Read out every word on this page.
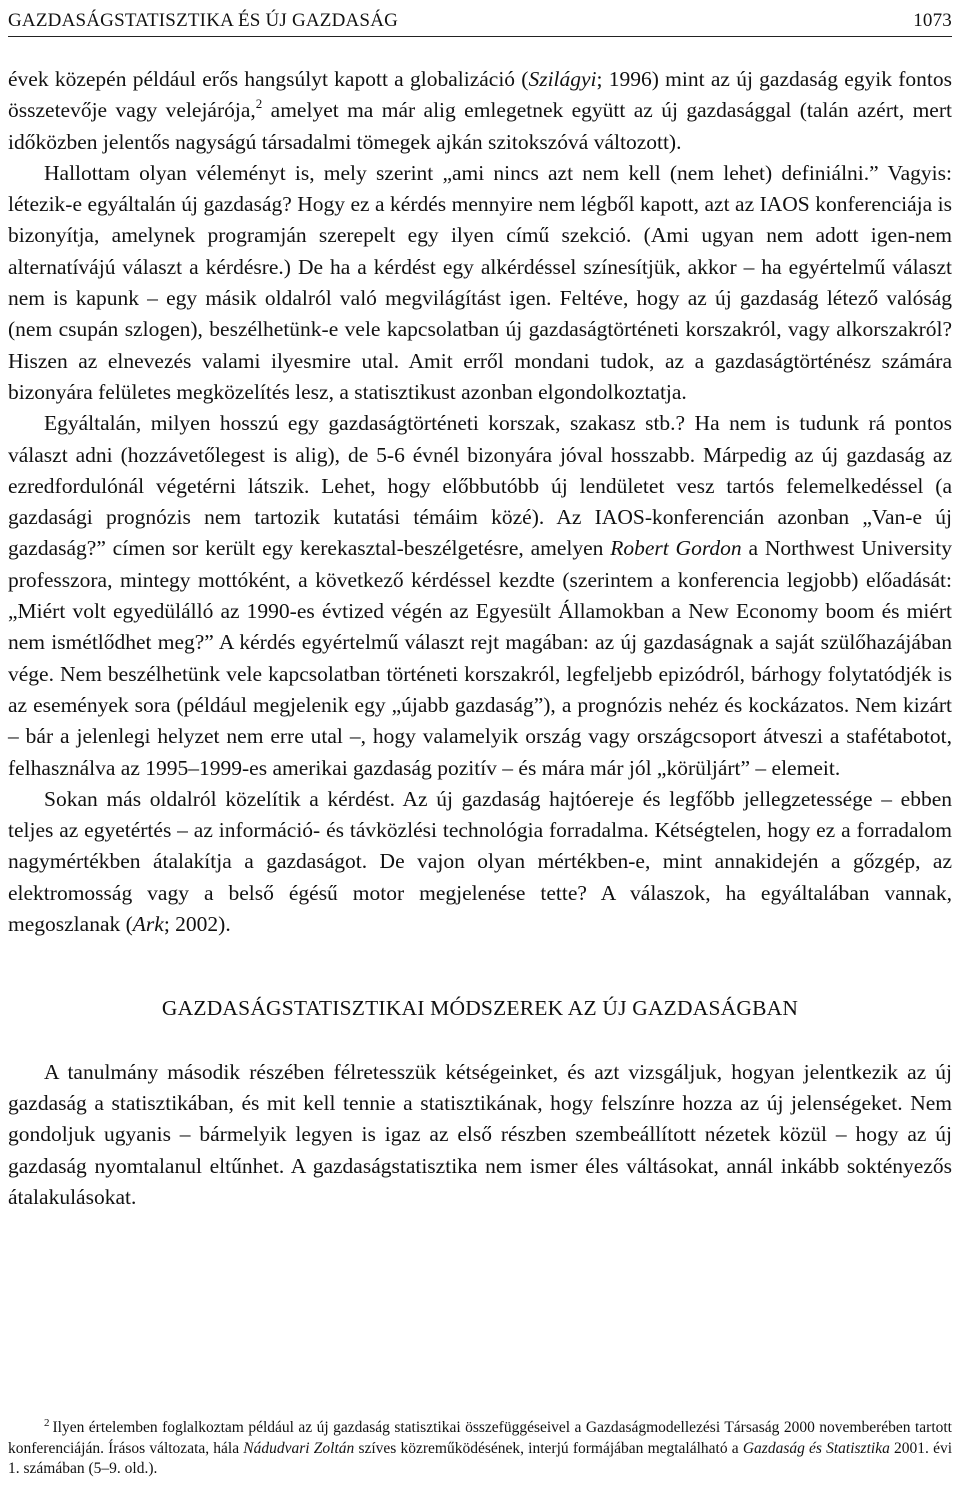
GAZDASÁGSTATISZTIKA ÉS ÚJ GAZDASÁG	1073

évek közepén például erős hangsúlyt kapott a globalizáció (Szilágyi; 1996) mint az új gazdaság egyik fontos összetevője vagy velejárója,$^2$ amelyet ma már alig emlegetnek együtt az új gazdasággal (talán azért, mert időközben jelentős nagyságú társadalmi tömegek ajkán szitokszóvá változott).

Hallottam olyan véleményt is, mely szerint „ami nincs azt nem kell (nem lehet) definiálni.” Vagyis: létezik-e egyáltalán új gazdaság? Hogy ez a kérdés mennyire nem légből kapott, azt az IAOS konferenciája is bizonyítja, amelynek programján szerepelt egy ilyen című szekció. (Ami ugyan nem adott igen-nem alternatívájú választ a kérdésre.) De ha a kérdést egy alkérdéssel színesítjük, akkor – ha egyértelmű választ nem is kapunk – egy másik oldalról való megvilágítást igen. Feltéve, hogy az új gazdaság létező valóság (nem csupán szlogen), beszélhetünk-e vele kapcsolatban új gazdaságtörténeti korszakról, vagy alkorszakról? Hiszen az elnevezés valami ilyesmire utal. Amit erről mondani tudok, az a gazdaságtörténész számára bizonyára felületes megközelítés lesz, a statisztikust azonban elgondolkoztatja.

Egyáltalán, milyen hosszú egy gazdaságtörténeti korszak, szakasz stb.? Ha nem is tudunk rá pontos választ adni (hozzávetőlegest is alig), de 5-6 évnél bizonyára jóval hosszabb. Márpedig az új gazdaság az ezredfordulónál végetérni látszik. Lehet, hogy előbbutóbb új lendületet vesz tartós felemelkedéssel (a gazdasági prognózis nem tartozik kutatási témáim közé). Az IAOS-konferencián azonban „Van-e új gazdaság?” címen sor került egy kerekasztal-beszélgetésre, amelyen Robert Gordon a Northwest University professzora, mintegy mottóként, a következő kérdéssel kezdte (szerintem a konferencia legjobb) előadását: „Miért volt egyedülálló az 1990-es évtized végén az Egyesült Államokban a New Economy boom és miért nem ismétlődhet meg?” A kérdés egyértelmű választ rejt magában: az új gazdaságnak a saját szülőhazájában vége. Nem beszélhetünk vele kapcsolatban történeti korszakról, legfeljebb epizódról, bárhogy folytatódjék is az események sora (például megjelenik egy „újabb gazdaság”), a prognózis nehéz és kockázatos. Nem kizárt – bár a jelenlegi helyzet nem erre utal –, hogy valamelyik ország vagy országcsoport átveszi a stafétabotot, felhasználva az 1995–1999-es amerikai gazdaság pozitív – és mára már jól „körüljárt” – elemeit.

Sokan más oldalról közelítik a kérdést. Az új gazdaság hajtóereje és legfőbb jellegzetessége – ebben teljes az egyetértés – az információ- és távközlési technológia forradalma. Kétségtelen, hogy ez a forradalom nagymértékben átalakítja a gazdaságot. De vajon olyan mértékben-e, mint annakidején a gőzgép, az elektromosság vagy a belső égésű motor megjelenése tette? A válaszok, ha egyáltalában vannak, megoszlanak (Ark; 2002).

GAZDASÁGSTATISZTIKAI MÓDSZEREK AZ ÚJ GAZDASÁGBAN

A tanulmány második részében félretesszük kétségeinket, és azt vizsgáljuk, hogyan jelentkezik az új gazdaság a statisztikában, és mit kell tennie a statisztikának, hogy felszínre hozza az új jelenségeket. Nem gondoljuk ugyanis – bármelyik legyen is igaz az első részben szembeállított nézetek közül – hogy az új gazdaság nyomtalanul eltűnhet. A gazdaságstatisztika nem ismer éles váltásokat, annál inkább soktényezős átalakulásokat.

$^2$ Ilyen értelemben foglalkoztam például az új gazdaság statisztikai összefüggéseivel a Gazdaságmodellezési Társaság 2000 novemberében tartott konferenciáján. Írásos változata, hála Nádudvari Zoltán szíves közreműködésének, interjú formájában megtalálható a Gazdaság és Statisztika 2001. évi 1. számában (5–9. old.).
